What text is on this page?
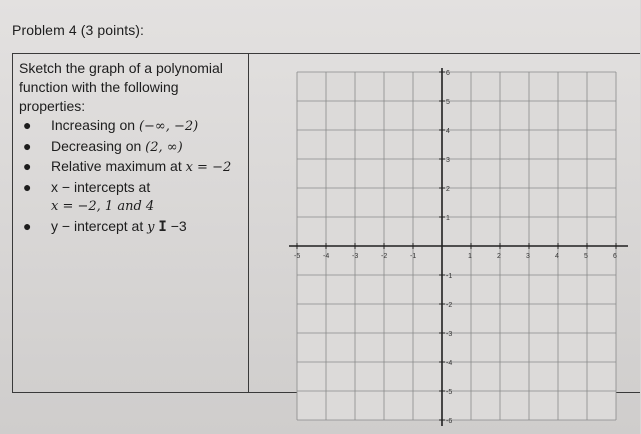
Problem 4 (3 points):
Sketch the graph of a polynomial function with the following properties:
● Increasing on (−∞, −2)
● Decreasing on (2, ∞)
● Relative maximum at x = −2
● x − intercepts at
x = −2, 1 and 4
● y − intercept at y I −3
-5	-4	-3	-2	-1	1	2	3	4	5	6
6
5
4
3
2
1
-1
-2
-3
-4
-5
-6
